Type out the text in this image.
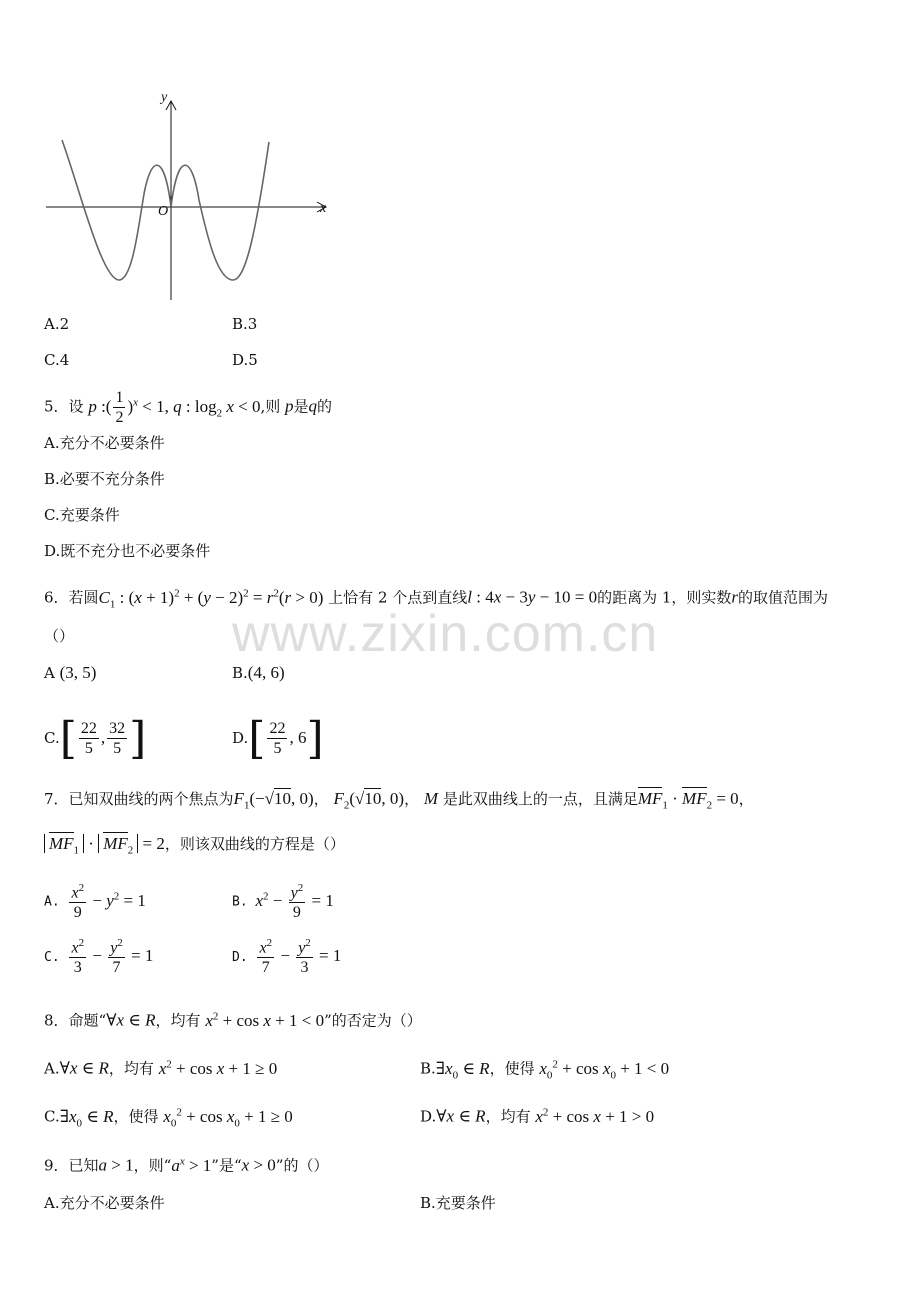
y
x
O
A.2	B.3
C.4	D.5
5．设 p :( $\frac{1}{2} )^x < 1$, q : $\log_2 x < 0$,则 p是q的
A.充分不必要条件
B.必要不充分条件
C.充要条件
D.既不充分也不必要条件
6．若圆$C_1$ : $(x + 1)^2 + (y - 2)^2 = r^2(r > 0)$ 上恰有 2 个点到直线l : 4x − 3y − 10 = 0的距离为 1，则实数r的取值范围为
（）	www.zixin.com.cn
A (3, 5)	B.(4, 6)
$C.[ \frac{22}{5}$ , $\frac{32}{5}$ ]	$D.[ \frac{22}{5}$ , 6]
7．已知双曲线的两个焦点为$F_1(-√10$, 0)， $F_2(√10$, 0)， M 是此双曲线上的一点，且满足$MF_1 \cdot MF_2 = 0$，
$MF_1 \cdot MF_2 = 2$，则该双曲线的方程是（）
A. $\frac{x^2}{9} - y^2 = 1$	B. $x^2 - \frac{y^2}{9} = 1$
C. $\frac{x^2}{3} - \frac{y^2}{7} = 1$	D. $\frac{x^2}{7} - \frac{y^2}{3} = 1$
8．命题“∀x ∈ R，均有 $x^2 + \cos x + 1 < 0$”的否定为（）
A.∀x ∈ R，均有 $x^2 + \cos x + 1 \ge 0$	$B.\exists x_0$ ∈ R，使得 $x_0^2 + \cos x_0 + 1 < 0$
$C.\exists x_0$ ∈ R，使得 $x_0^2 + \cos x_0 + 1 \ge 0$	D.∀x ∈ R，均有 $x^2 + \cos x + 1 > 0$
9．已知a > 1，则“$a^x > 1$”是“x > 0”的（）
A.充分不必要条件	B.充要条件
